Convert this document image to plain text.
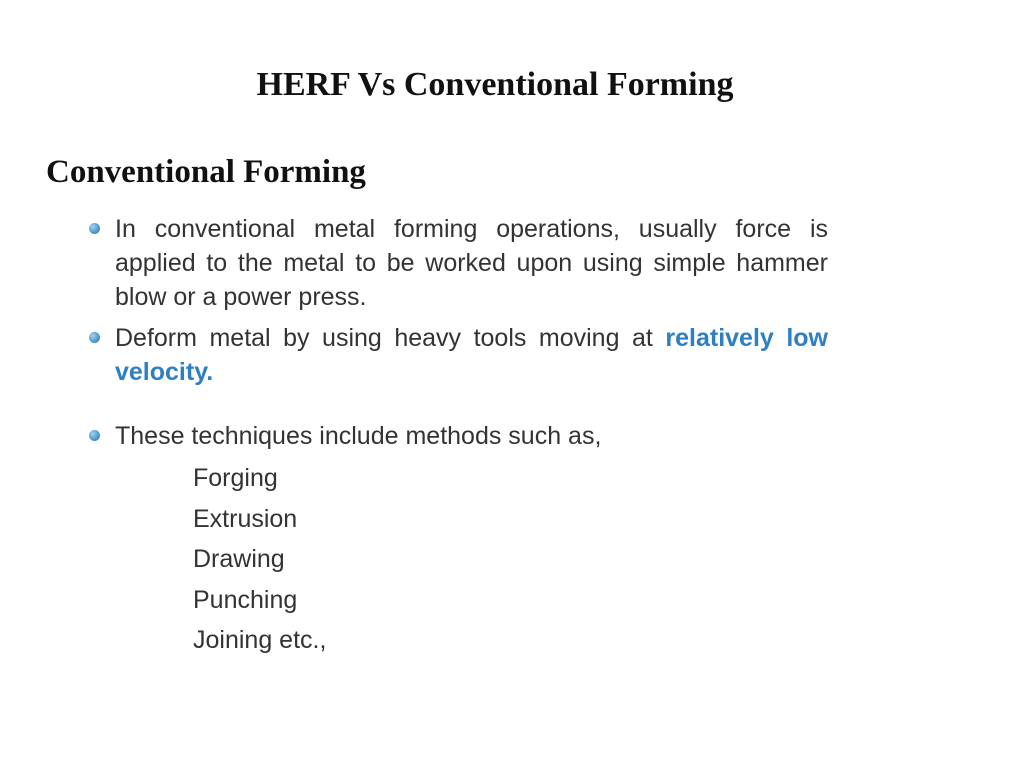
HERF Vs Conventional Forming
Conventional Forming
In conventional metal forming operations, usually force is applied to the metal to be worked upon using simple hammer blow or a power press.
Deform metal by using heavy tools moving at relatively low velocity.
These techniques include methods such as,
Forging
Extrusion
Drawing
Punching
Joining etc.,
